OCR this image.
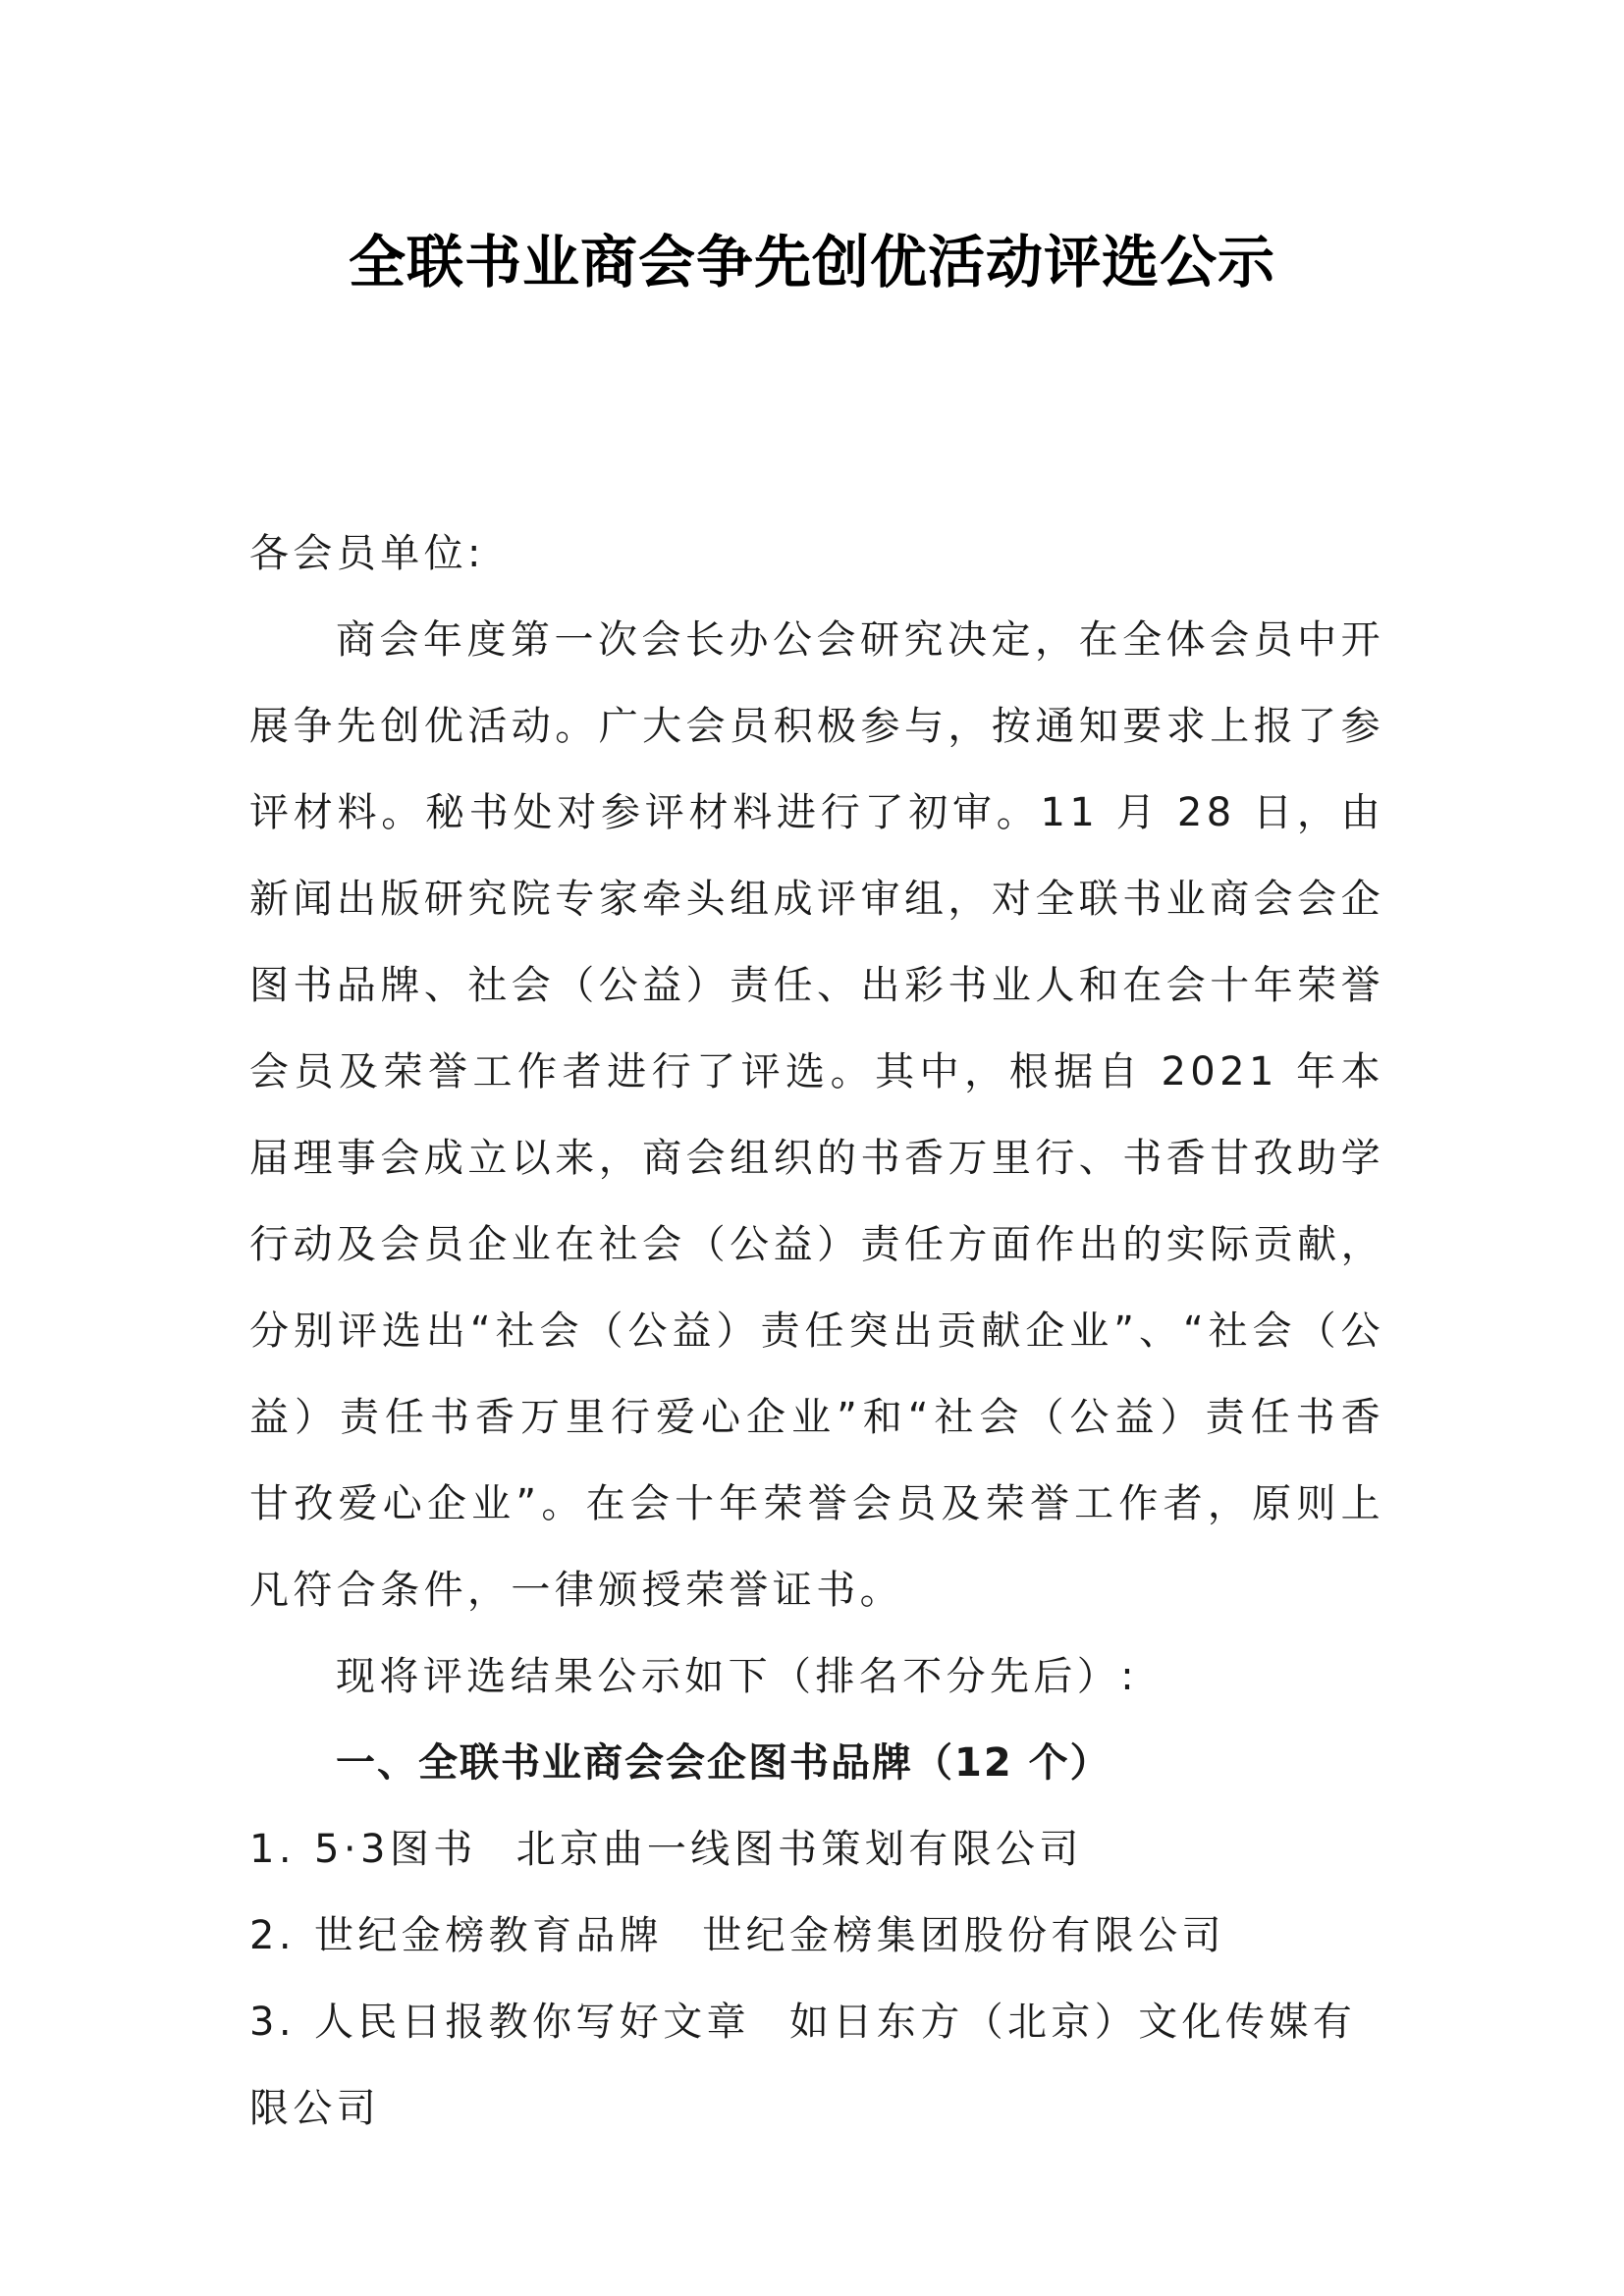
全联书业商会争先创优活动评选公示

各会员单位:

商会年度第一次会长办公会研究决定，在全体会员中开展争先创优活动。广大会员积极参与，按通知要求上报了参评材料。秘书处对参评材料进行了初审。11 月 28 日，由新闻出版研究院专家牵头组成评审组，对全联书业商会会企图书品牌、社会（公益）责任、出彩书业人和在会十年荣誉会员及荣誉工作者进行了评选。其中，根据自 2021 年本届理事会成立以来，商会组织的书香万里行、书香甘孜助学行动及会员企业在社会（公益）责任方面作出的实际贡献，分别评选出“社会（公益）责任突出贡献企业”、“社会（公益）责任书香万里行爱心企业”和“社会（公益）责任书香甘孜爱心企业”。在会十年荣誉会员及荣誉工作者，原则上凡符合条件，一律颁授荣誉证书。

现将评选结果公示如下（排名不分先后）:

一、全联书业商会会企图书品牌（12 个）

1. 5·3图书 北京曲一线图书策划有限公司

2. 世纪金榜教育品牌 世纪金榜集团股份有限公司

3. 人民日报教你写好文章 如日东方（北京）文化传媒有限公司
